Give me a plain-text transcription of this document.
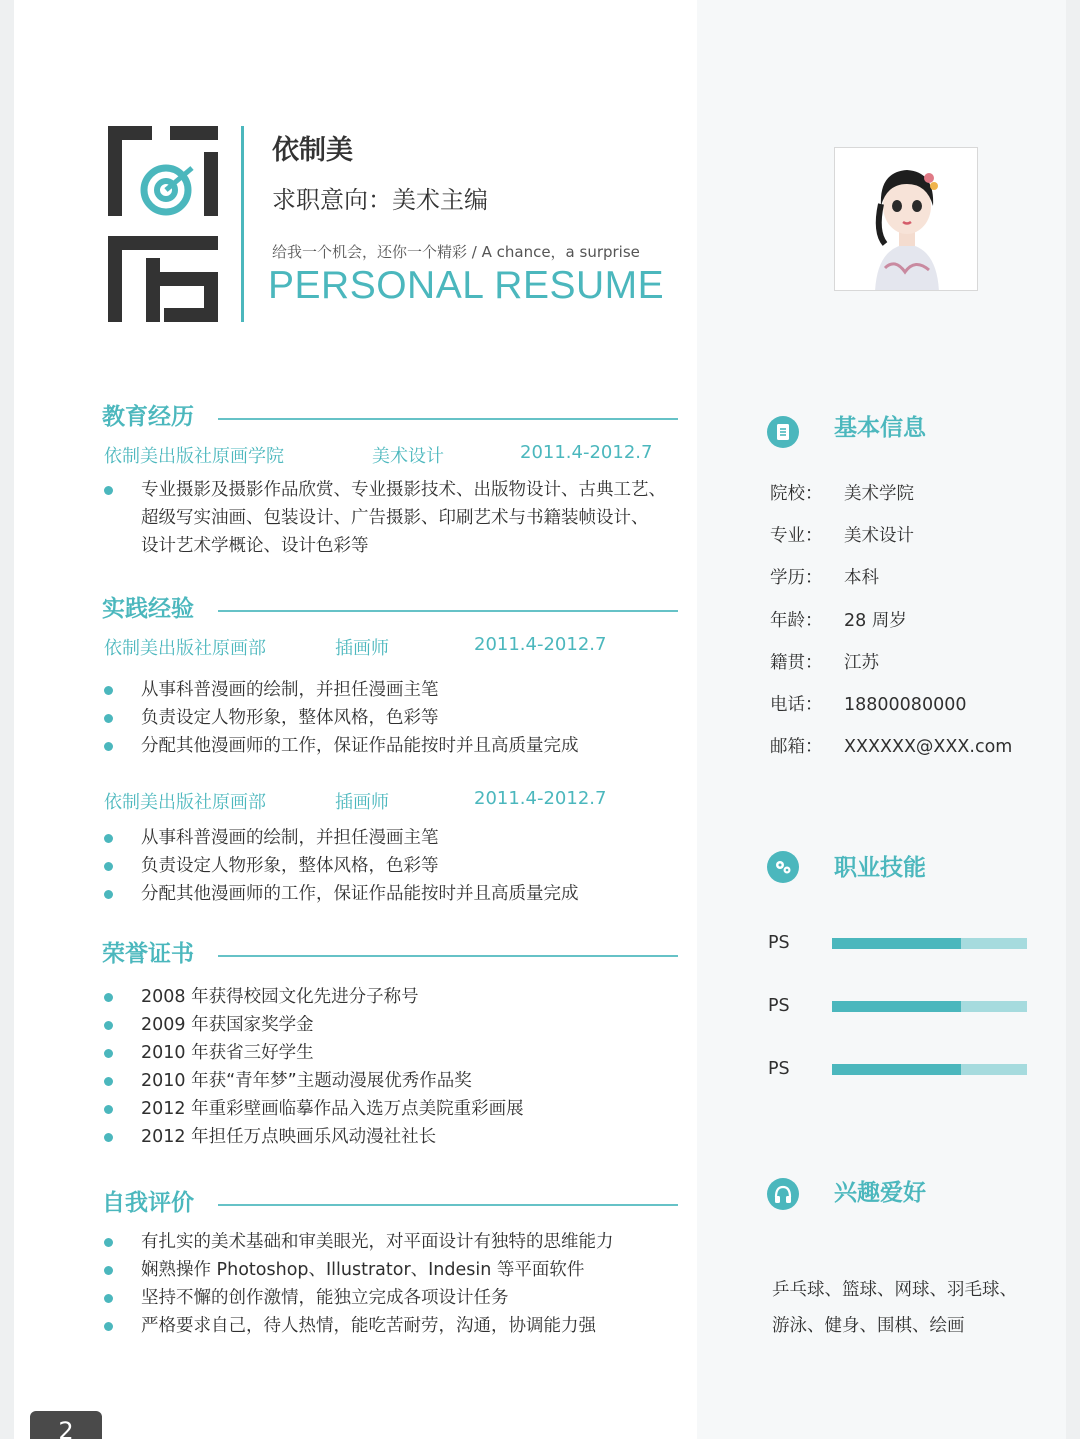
依制美
求职意向：美术主编
给我一个机会，还你一个精彩 / A chance，a surprise
PERSONAL RESUME
教育经历
依制美出版社原画学院	美术设计	2011.4-2012.7
专业摄影及摄影作品欣赏、专业摄影技术、出版物设计、古典工艺、
超级写实油画、包装设计、广告摄影、印刷艺术与书籍装帧设计、
设计艺术学概论、设计色彩等
实践经验
依制美出版社原画部	插画师	2011.4-2012.7
从事科普漫画的绘制，并担任漫画主笔
负责设定人物形象，整体风格，色彩等
分配其他漫画师的工作，保证作品能按时并且高质量完成
依制美出版社原画部	插画师	2011.4-2012.7
从事科普漫画的绘制，并担任漫画主笔
负责设定人物形象，整体风格，色彩等
分配其他漫画师的工作，保证作品能按时并且高质量完成
荣誉证书
2008 年获得校园文化先进分子称号
2009 年获国家奖学金
2010 年获省三好学生
2010 年获“青年梦”主题动漫展优秀作品奖
2012 年重彩壁画临摹作品入选万点美院重彩画展
2012 年担任万点映画乐风动漫社社长
自我评价
有扎实的美术基础和审美眼光，对平面设计有独特的思维能力
娴熟操作 Photoshop、Illustrator、Indesin 等平面软件
坚持不懈的创作激情，能独立完成各项设计任务
严格要求自己，待人热情，能吃苦耐劳，沟通，协调能力强
基本信息
院校： 美术学院
专业： 美术设计
学历： 本科
年龄： 28 周岁
籍贯： 江苏
电话： 18800080000
邮箱： XXXXXX@XXX.com
职业技能
PS
PS
PS
兴趣爱好
乒乓球、篮球、网球、羽毛球、
游泳、健身、围棋、绘画
2
